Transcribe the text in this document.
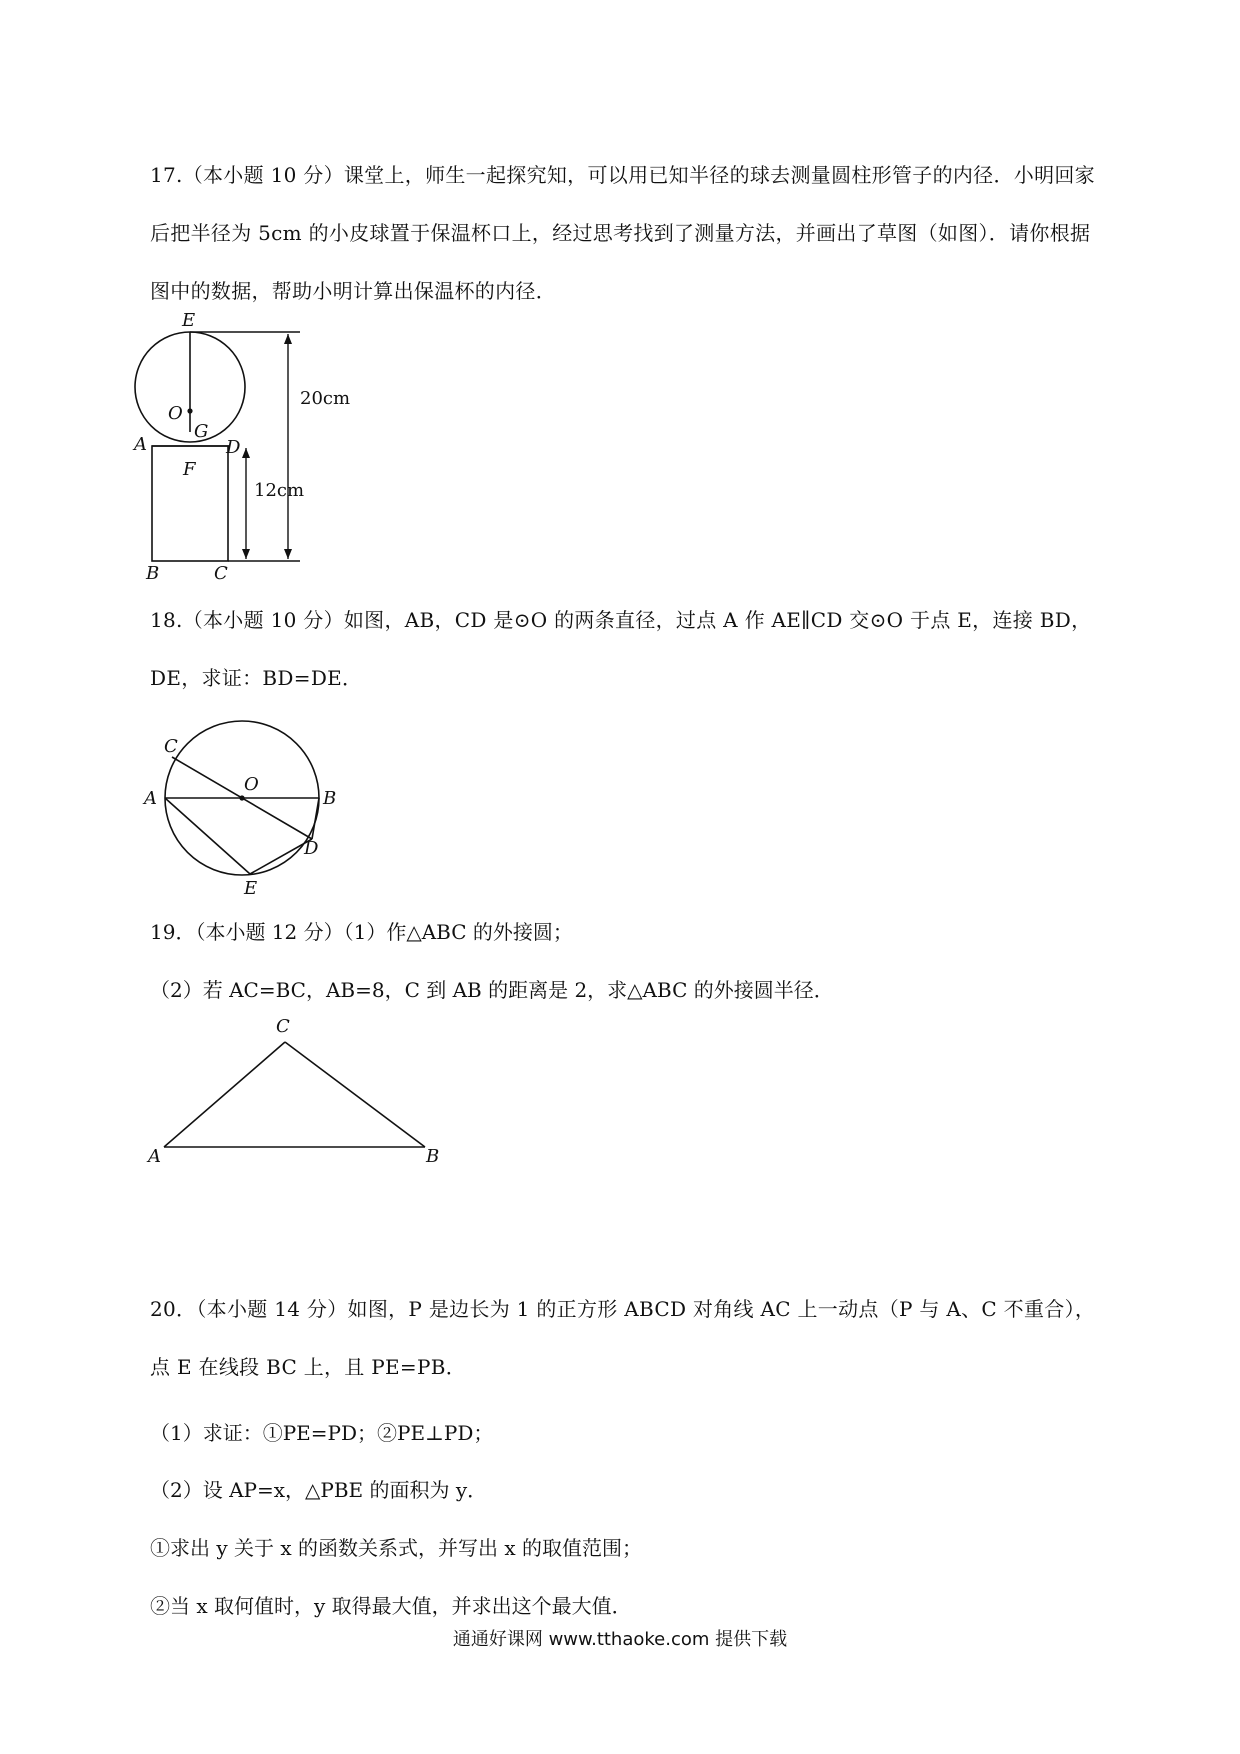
17.（本小题 10 分）课堂上，师生一起探究知，可以用已知半径的球去测量圆柱形管子的内径．小明回家后把半径为 5cm 的小皮球置于保温杯口上，经过思考找到了测量方法，并画出了草图（如图）．请你根据图中的数据，帮助小明计算出保温杯的内径．
E
O
G
A	D
F
B	C
20cm
12cm
18.（本小题 10 分）如图，AB，CD 是⊙O 的两条直径，过点 A 作 AE∥CD 交⊙O 于点 E，连接 BD，DE，求证：BD=DE．
C
O
A	B
D
E
19．（本小题 12 分）（1）作△ABC 的外接圆；
（2）若 AC=BC，AB=8，C 到 AB 的距离是 2，求△ABC 的外接圆半径．
C
A	B
20．（本小题 14 分）如图，P 是边长为 1 的正方形 ABCD 对角线 AC 上一动点（P 与 A、C 不重合），点 E 在线段 BC 上，且 PE=PB．
（1）求证：①PE=PD；②PE⊥PD；
（2）设 AP=x，△PBE 的面积为 y．
①求出 y 关于 x 的函数关系式，并写出 x 的取值范围；
②当 x 取何值时，y 取得最大值，并求出这个最大值．
通通好课网 www.tthaoke.com 提供下载
